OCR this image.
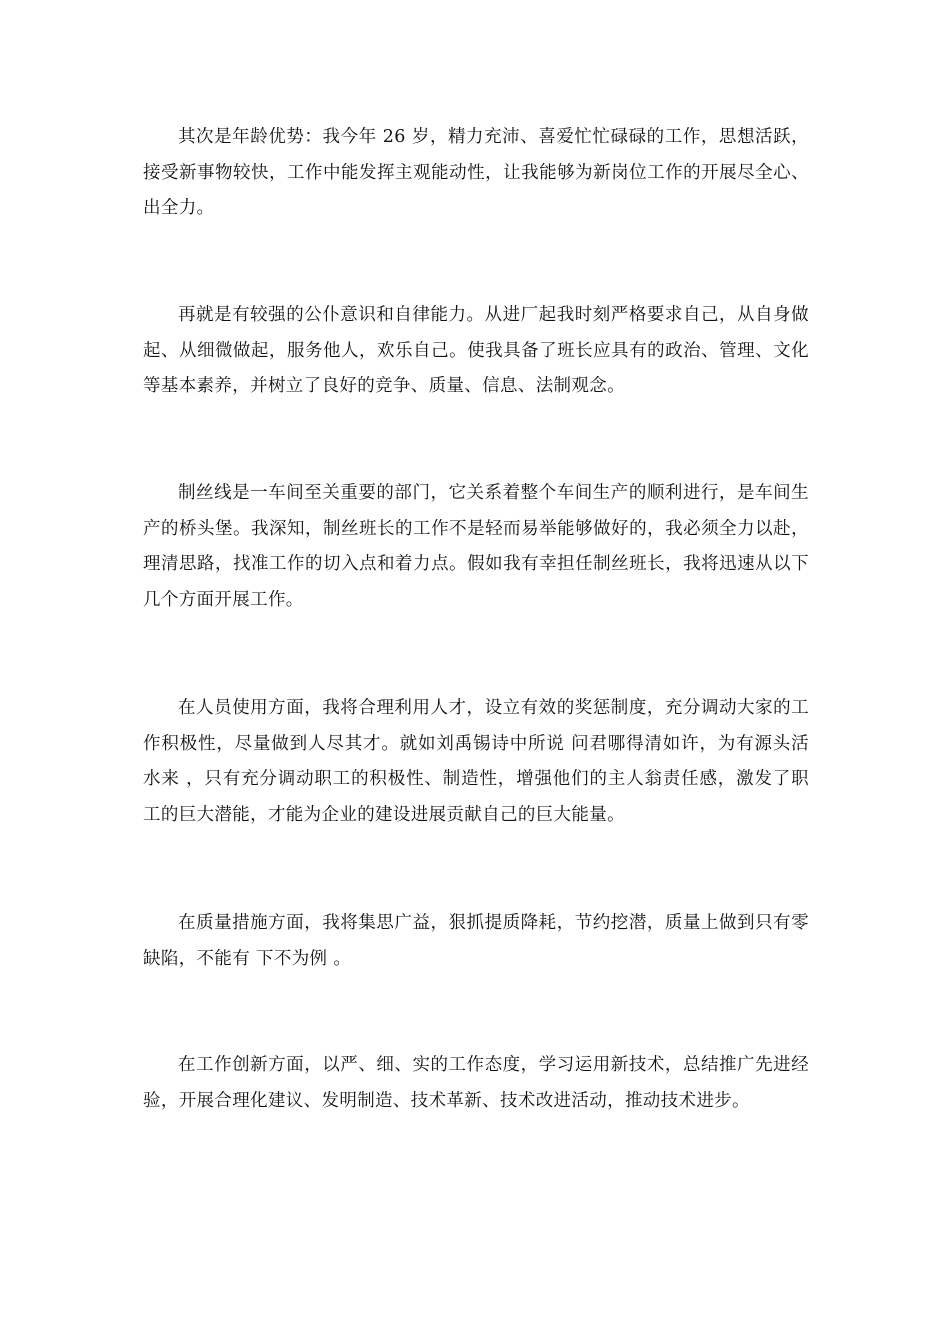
其次是年龄优势：我今年 26 岁，精力充沛、喜爱忙忙碌碌的工作，思想活跃，接受新事物较快，工作中能发挥主观能动性，让我能够为新岗位工作的开展尽全心、出全力。

再就是有较强的公仆意识和自律能力。从进厂起我时刻严格要求自己，从自身做起、从细微做起，服务他人，欢乐自己。使我具备了班长应具有的政治、管理、文化等基本素养，并树立了良好的竞争、质量、信息、法制观念。

制丝线是一车间至关重要的部门，它关系着整个车间生产的顺利进行，是车间生产的桥头堡。我深知，制丝班长的工作不是轻而易举能够做好的，我必须全力以赴，理清思路，找准工作的切入点和着力点。假如我有幸担任制丝班长，我将迅速从以下几个方面开展工作。

在人员使用方面，我将合理利用人才，设立有效的奖惩制度，充分调动大家的工作积极性，尽量做到人尽其才。就如刘禹锡诗中所说 问君哪得清如许，为有源头活水来 ，只有充分调动职工的积极性、制造性，增强他们的主人翁责任感，激发了职工的巨大潜能，才能为企业的建设进展贡献自己的巨大能量。

在质量措施方面，我将集思广益，狠抓提质降耗，节约挖潜，质量上做到只有零缺陷，不能有 下不为例 。

在工作创新方面，以严、细、实的工作态度，学习运用新技术，总结推广先进经验，开展合理化建议、发明制造、技术革新、技术改进活动，推动技术进步。
